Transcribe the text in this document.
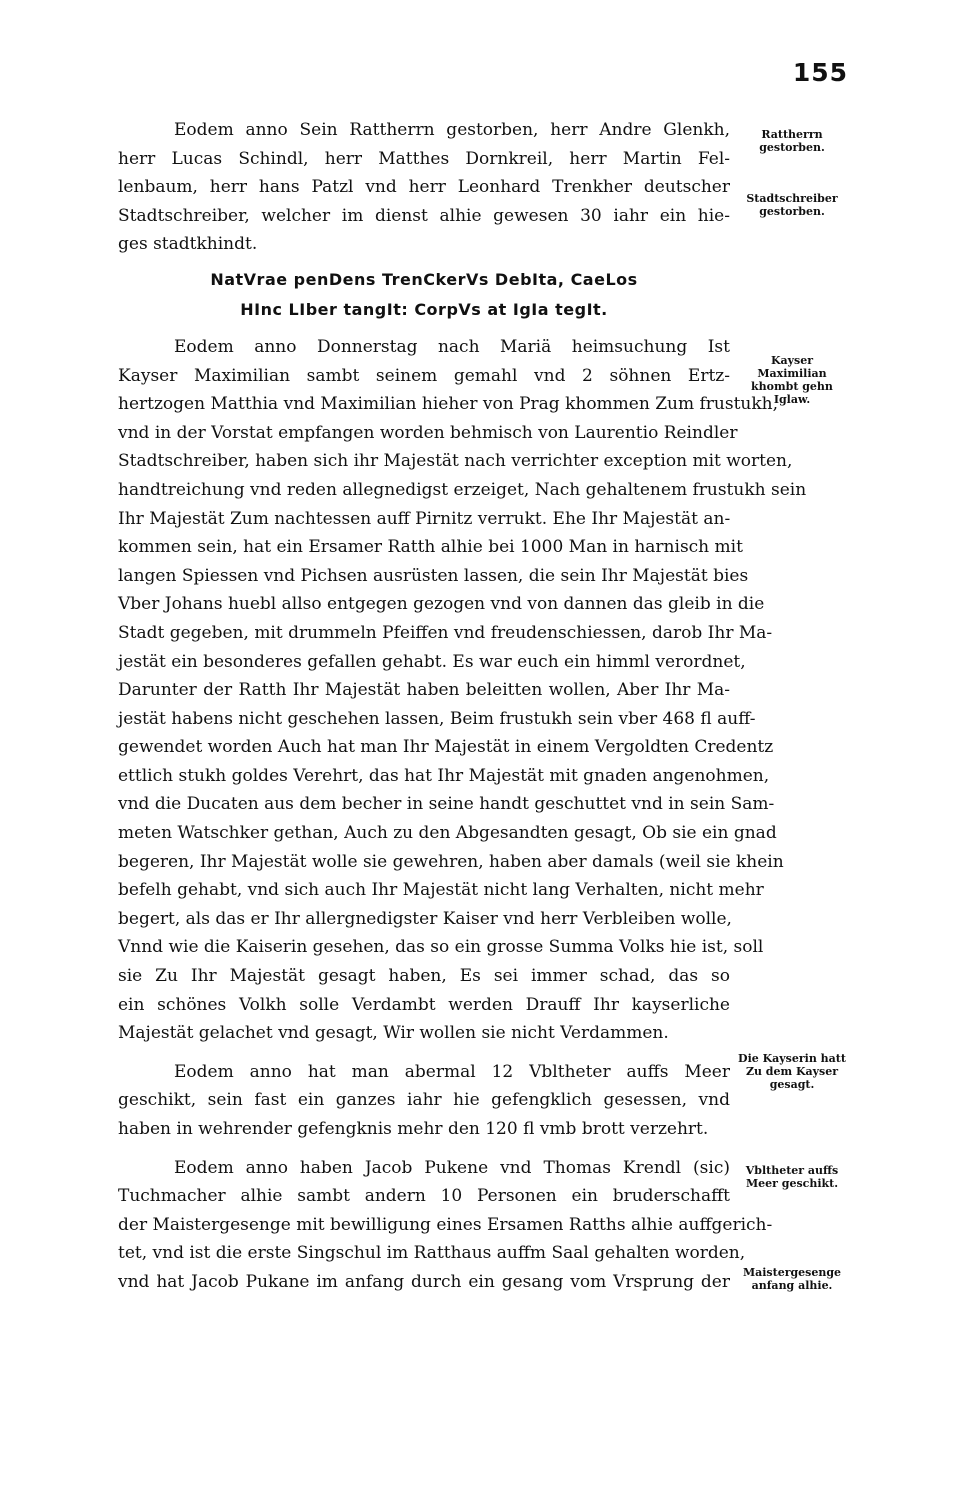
155
Eodem anno Sein Rattherrn gestorben, herr Andre Glenkh,
herr Lucas Schindl, herr Matthes Dornkreil, herr Martin Fel-
lenbaum, herr hans Patzl vnd herr Leonhard Trenkher deutscher
Stadtschreiber, welcher im dienst alhie gewesen 30 iahr ein hie-
ges stadtkhindt.
NatVrae penDens TrenCkerVs DebIta, CaeLos
HInc LIber tangIt: CorpVs at IgIa tegIt.
Eodem anno Donnerstag nach Mariä heimsuchung Ist
Kayser Maximilian sambt seinem gemahl vnd 2 söhnen Ertz-
hertzogen Matthia vnd Maximilian hieher von Prag khommen Zum frustukh,
vnd in der Vorstat empfangen worden behmisch von Laurentio Reindler
Stadtschreiber, haben sich ihr Majestät nach verrichter exception mit worten,
handtreichung vnd reden allegnedigst erzeiget, Nach gehaltenem frustukh sein
Ihr Majestät Zum nachtessen auff Pirnitz verrukt. Ehe Ihr Majestät an-
kommen sein, hat ein Ersamer Ratth alhie bei 1000 Man in harnisch mit
langen Spiessen vnd Pichsen ausrüsten lassen, die sein Ihr Majestät bies
Vber Johans huebl allso entgegen gezogen vnd von dannen das gleib in die
Stadt gegeben, mit drummeln Pfeiffen vnd freudenschiessen, darob Ihr Ma-
jestät ein besonderes gefallen gehabt. Es war euch ein himml verordnet,
Darunter der Ratth Ihr Majestät haben beleitten wollen, Aber Ihr Ma-
jestät habens nicht geschehen lassen, Beim frustukh sein vber 468 fl auff-
gewendet worden Auch hat man Ihr Majestät in einem Vergoldten Credentz
ettlich stukh goldes Verehrt, das hat Ihr Majestät mit gnaden angenohmen,
vnd die Ducaten aus dem becher in seine handt geschuttet vnd in sein Sam-
meten Watschker gethan, Auch zu den Abgesandten gesagt, Ob sie ein gnad
begeren, Ihr Majestät wolle sie gewehren, haben aber damals (weil sie khein
befelh gehabt, vnd sich auch Ihr Majestät nicht lang Verhalten, nicht mehr
begert, als das er Ihr allergnedigster Kaiser vnd herr Verbleiben wolle,
Vnnd wie die Kaiserin gesehen, das so ein grosse Summa Volks hie ist, soll
sie Zu Ihr Majestät gesagt haben, Es sei immer schad, das so
ein schönes Volkh solle Verdambt werden Drauff Ihr kayserliche
Majestät gelachet vnd gesagt, Wir wollen sie nicht Verdammen.
Eodem anno hat man abermal 12 Vbltheter auffs Meer
geschikt, sein fast ein ganzes iahr hie gefengklich gesessen, vnd
haben in wehrender gefengknis mehr den 120 fl vmb brott verzehrt.
Eodem anno haben Jacob Pukene vnd Thomas Krendl (sic)
Tuchmacher alhie sambt andern 10 Personen ein bruderschafft
der Maistergesenge mit bewilligung eines Ersamen Ratths alhie auffgerich-
tet, vnd ist die erste Singschul im Ratthaus auffm Saal gehalten worden,
vnd hat Jacob Pukane im anfang durch ein gesang vom Vrsprung der
Rattherrn gestorben.
Stadtschreiber gestorben.
Kayser Maximilian khombt gehn Iglaw.
Die Kayserin hatt Zu dem Kayser gesagt.
Vbltheter auffs Meer geschikt.
Maistergesenge anfang alhie.
